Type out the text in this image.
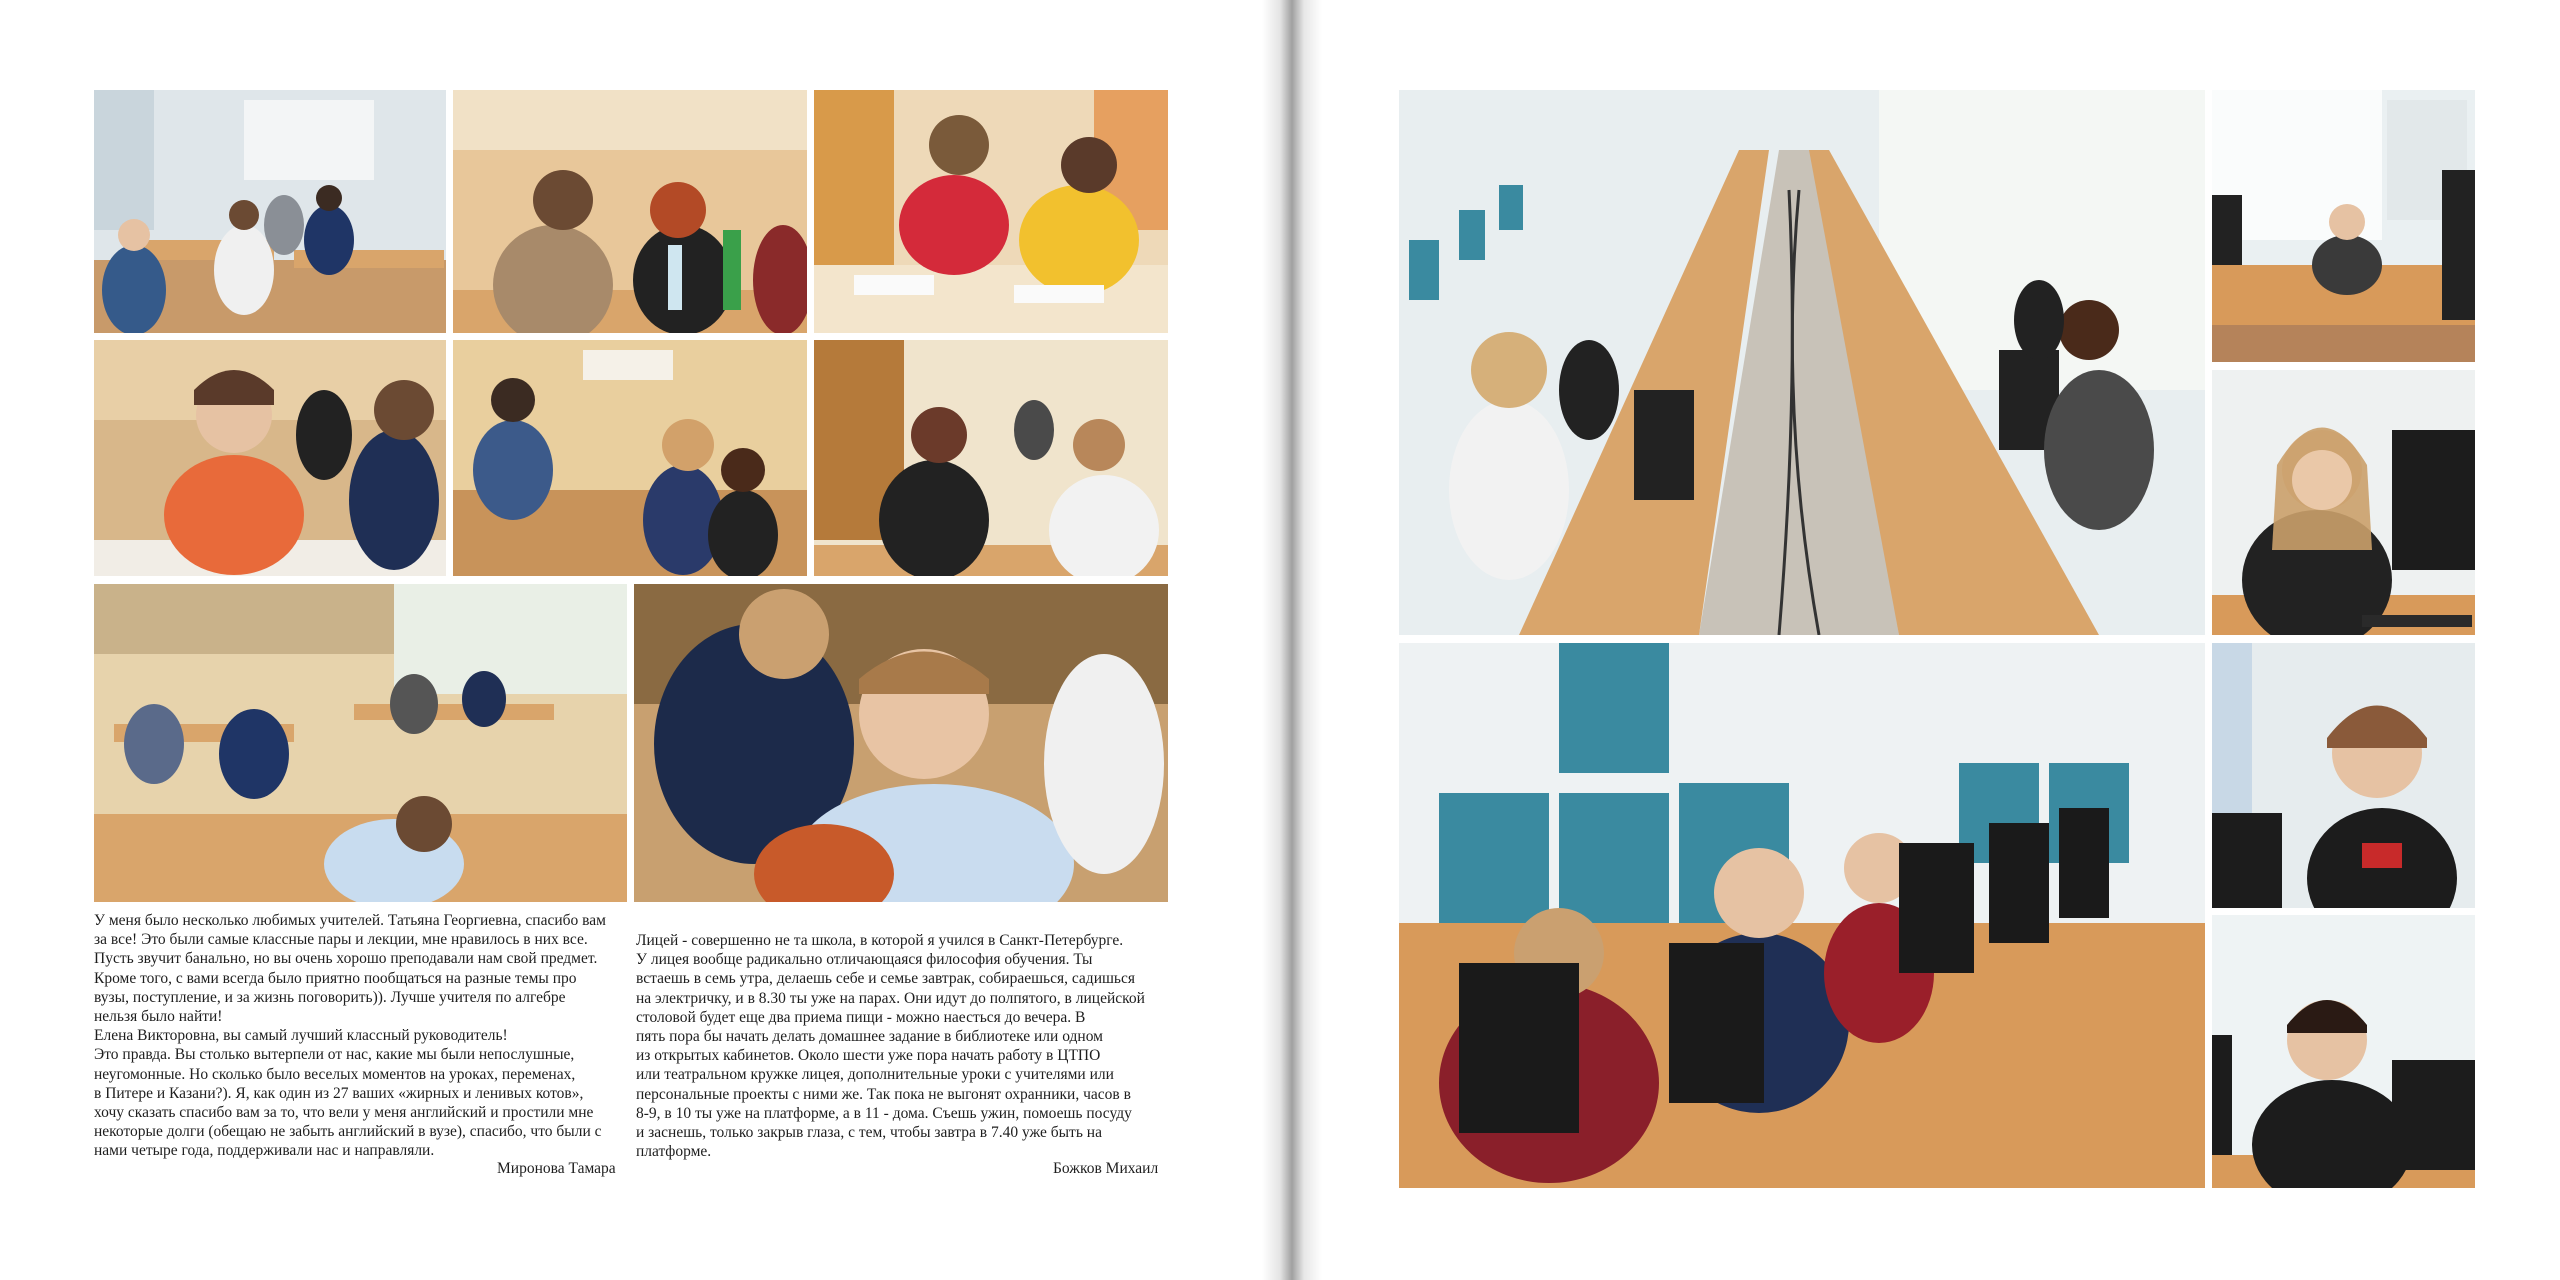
У меня было несколько любимых учителей. Татьяна Георгиевна, спасибо вам
за все! Это были самые классные пары и лекции, мне нравилось в них все.
Пусть звучит банально, но вы очень хорошо преподавали нам свой предмет.
Кроме того, с вами всегда было приятно пообщаться на разные темы про
вузы, поступление, и за жизнь поговорить)). Лучше учителя по алгебре
нельзя было найти!
Елена Викторовна, вы самый лучший классный руководитель!
Это правда. Вы столько вытерпели от нас, какие мы были непослушные,
неугомонные. Но сколько было веселых моментов на уроках, переменах,
в Питере и Казани?). Я, как один из 27 ваших «жирных и ленивых котов»,
хочу сказать спасибо вам за то, что вели у меня английский и простили мне
некоторые долги (обещаю не забыть английский в вузе), спасибо, что были с
нами четыре года, поддерживали нас и направляли.

Миронова Тамара

Лицей - совершенно не та школа, в которой я учился в Санкт-Петербурге.
У лицея вообще радикально отличающаяся философия обучения. Ты
встаешь в семь утра, делаешь себе и семье завтрак, собираешься, садишься
на электричку, и в 8.30 ты уже на парах. Они идут до полпятого, в лицейской
столовой будет еще два приема пищи - можно наесться до вечера. В
пять пора бы начать делать домашнее задание в библиотеке или одном
из открытых кабинетов. Около шести уже пора начать работу в ЦТПО
или театральном кружке лицея, дополнительные уроки с учителями или
персональные проекты с ними же. Так пока не выгонят охранники, часов в
8-9, в 10 ты уже на платформе, а в 11 - дома. Съешь ужин, помоешь посуду
и заснешь, только закрыв глаза, с тем, чтобы завтра в 7.40 уже быть на
платформе.

Божков Михаил
